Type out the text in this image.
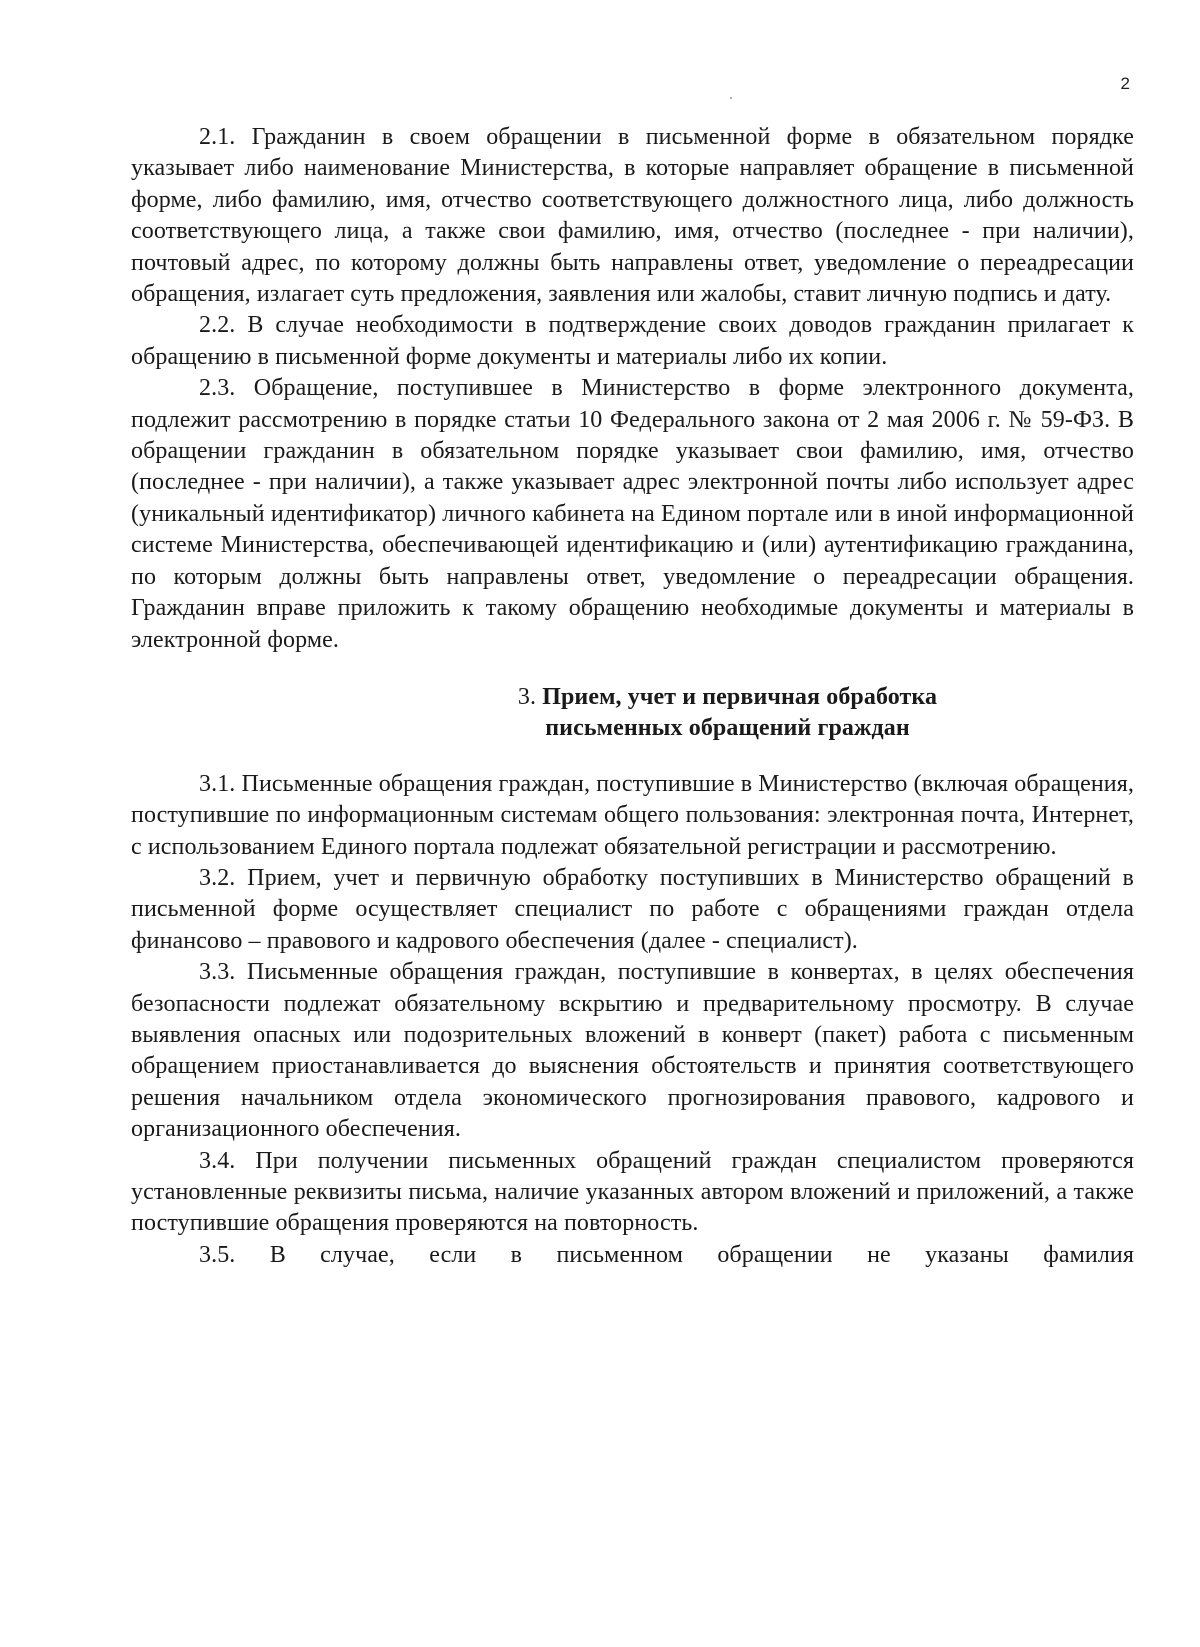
2

2.1. Гражданин в своем обращении в письменной форме в обязательном порядке указывает либо наименование Министерства, в которые направляет обращение в письменной форме, либо фамилию, имя, отчество соответствующего должностного лица, либо должность соответствующего лица, а также свои фамилию, имя, отчество (последнее - при наличии), почтовый адрес, по которому должны быть направлены ответ, уведомление о переадресации обращения, излагает суть предложения, заявления или жалобы, ставит личную подпись и дату.

2.2. В случае необходимости в подтверждение своих доводов гражданин прилагает к обращению в письменной форме документы и материалы либо их копии.

2.3. Обращение, поступившее в Министерство в форме электронного документа, подлежит рассмотрению в порядке статьи 10 Федерального закона от 2 мая 2006 г. № 59-ФЗ. В обращении гражданин в обязательном порядке указывает свои фамилию, имя, отчество (последнее - при наличии), а также указывает адрес электронной почты либо использует адрес (уникальный идентификатор) личного кабинета на Едином портале или в иной информационной системе Министерства, обеспечивающей идентификацию и (или) аутентификацию гражданина, по которым должны быть направлены ответ, уведомление о переадресации обращения. Гражданин вправе приложить к такому обращению необходимые документы и материалы в электронной форме.

3. Прием, учет и первичная обработка
письменных обращений граждан

3.1. Письменные обращения граждан, поступившие в Министерство (включая обращения, поступившие по информационным системам общего пользования: электронная почта, Интернет, с использованием Единого портала подлежат обязательной регистрации и рассмотрению.

3.2. Прием, учет и первичную обработку поступивших в Министерство обращений в письменной форме осуществляет специалист по работе с обращениями граждан отдела финансово – правового и кадрового обеспечения (далее - специалист).

3.3. Письменные обращения граждан, поступившие в конвертах, в целях обеспечения безопасности подлежат обязательному вскрытию и предварительному просмотру. В случае выявления опасных или подозрительных вложений в конверт (пакет) работа с письменным обращением приостанавливается до выяснения обстоятельств и принятия соответствующего решения начальником отдела экономического прогнозирования правового, кадрового и организационного обеспечения.

3.4. При получении письменных обращений граждан специалистом проверяются установленные реквизиты письма, наличие указанных автором вложений и приложений, а также поступившие обращения проверяются на повторность.

3.5. В случае, если в письменном обращении не указаны фамилия
